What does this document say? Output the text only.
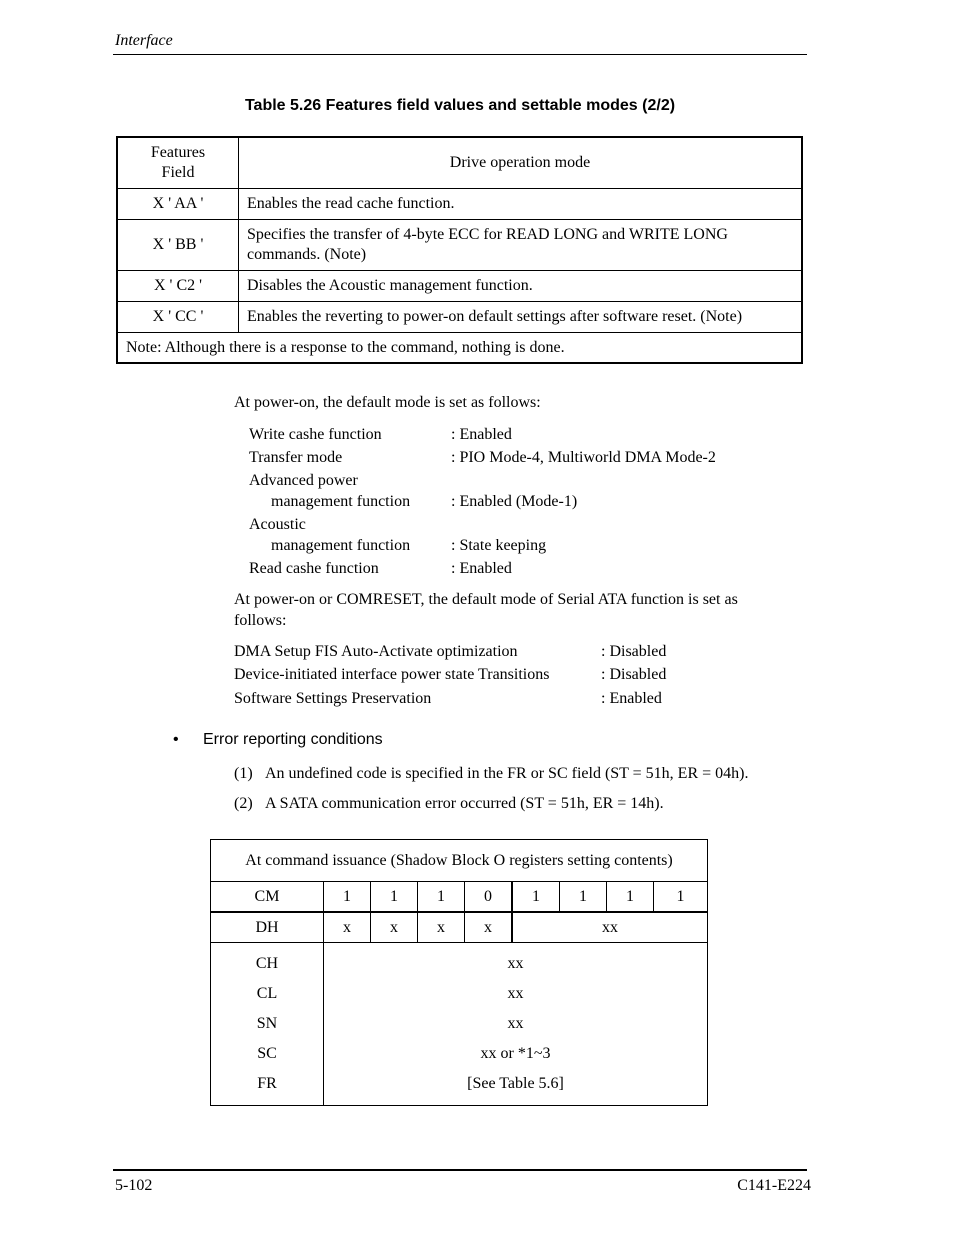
Interface
Table 5.26 Features field values and settable modes (2/2)
Features Field	Drive operation mode
X ' AA '	Enables the read cache function.
X ' BB '	Specifies the transfer of 4-byte ECC for READ LONG and WRITE LONG commands. (Note)
X ' C2 '	Disables the Acoustic management function.
X ' CC '	Enables the reverting to power-on default settings after software reset. (Note)
Note: Although there is a response to the command, nothing is done.	
At power-on, the default mode is set as follows:
Write cashe function	: Enabled
Transfer mode	: PIO Mode-4, Multiworld DMA Mode-2
Advanced power
management function	: Enabled (Mode-1)
Acoustic
management function	: State keeping
Read cashe function	: Enabled
At power-on or COMRESET, the default mode of Serial ATA function is set as
follows:
DMA Setup FIS Auto-Activate optimization	: Disabled
Device-initiated interface power state Transitions	: Disabled
Software Settings Preservation	: Enabled
• Error reporting conditions
(1) An undefined code is specified in the FR or SC field (ST = 51h, ER = 04h).
(2) A SATA communication error occurred (ST = 51h, ER = 14h).
At command issuance (Shadow Block O registers setting contents)								
CM	1	1	1	0	1	1	1	1
DH	x	x	x	x	xx			
CH	xx							
CL	xx							
SN	xx							
SC	xx or *1~3							
FR	[See Table 5.6]							
5-102	C141-E224
